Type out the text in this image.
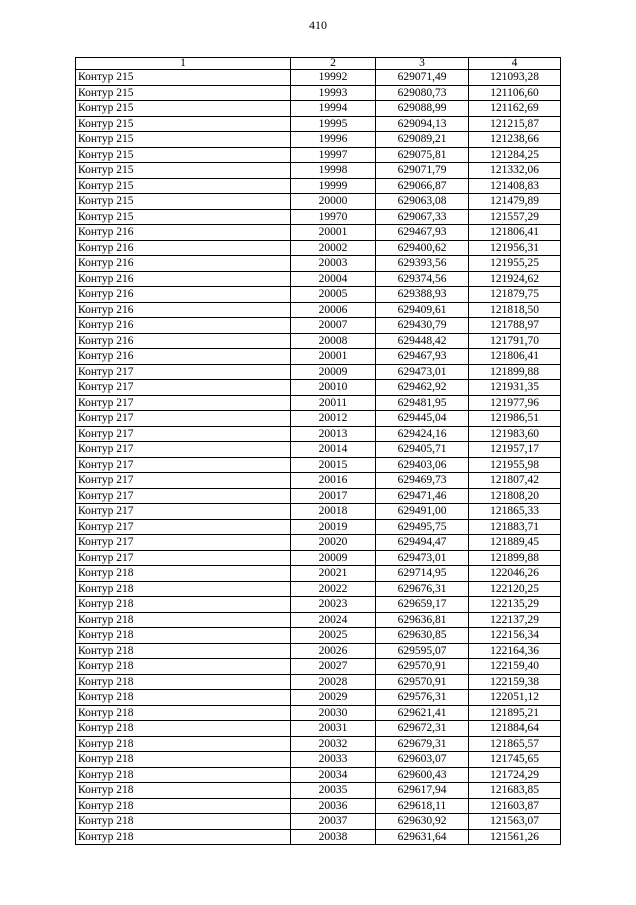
410
1	2	3	4
Контур 215	19992	629071,49	121093,28
Контур 215	19993	629080,73	121106,60
Контур 215	19994	629088,99	121162,69
Контур 215	19995	629094,13	121215,87
Контур 215	19996	629089,21	121238,66
Контур 215	19997	629075,81	121284,25
Контур 215	19998	629071,79	121332,06
Контур 215	19999	629066,87	121408,83
Контур 215	20000	629063,08	121479,89
Контур 215	19970	629067,33	121557,29
Контур 216	20001	629467,93	121806,41
Контур 216	20002	629400,62	121956,31
Контур 216	20003	629393,56	121955,25
Контур 216	20004	629374,56	121924,62
Контур 216	20005	629388,93	121879,75
Контур 216	20006	629409,61	121818,50
Контур 216	20007	629430,79	121788,97
Контур 216	20008	629448,42	121791,70
Контур 216	20001	629467,93	121806,41
Контур 217	20009	629473,01	121899,88
Контур 217	20010	629462,92	121931,35
Контур 217	20011	629481,95	121977,96
Контур 217	20012	629445,04	121986,51
Контур 217	20013	629424,16	121983,60
Контур 217	20014	629405,71	121957,17
Контур 217	20015	629403,06	121955,98
Контур 217	20016	629469,73	121807,42
Контур 217	20017	629471,46	121808,20
Контур 217	20018	629491,00	121865,33
Контур 217	20019	629495,75	121883,71
Контур 217	20020	629494,47	121889,45
Контур 217	20009	629473,01	121899,88
Контур 218	20021	629714,95	122046,26
Контур 218	20022	629676,31	122120,25
Контур 218	20023	629659,17	122135,29
Контур 218	20024	629636,81	122137,29
Контур 218	20025	629630,85	122156,34
Контур 218	20026	629595,07	122164,36
Контур 218	20027	629570,91	122159,40
Контур 218	20028	629570,91	122159,38
Контур 218	20029	629576,31	122051,12
Контур 218	20030	629621,41	121895,21
Контур 218	20031	629672,31	121884,64
Контур 218	20032	629679,31	121865,57
Контур 218	20033	629603,07	121745,65
Контур 218	20034	629600,43	121724,29
Контур 218	20035	629617,94	121683,85
Контур 218	20036	629618,11	121603,87
Контур 218	20037	629630,92	121563,07
Контур 218	20038	629631,64	121561,26
